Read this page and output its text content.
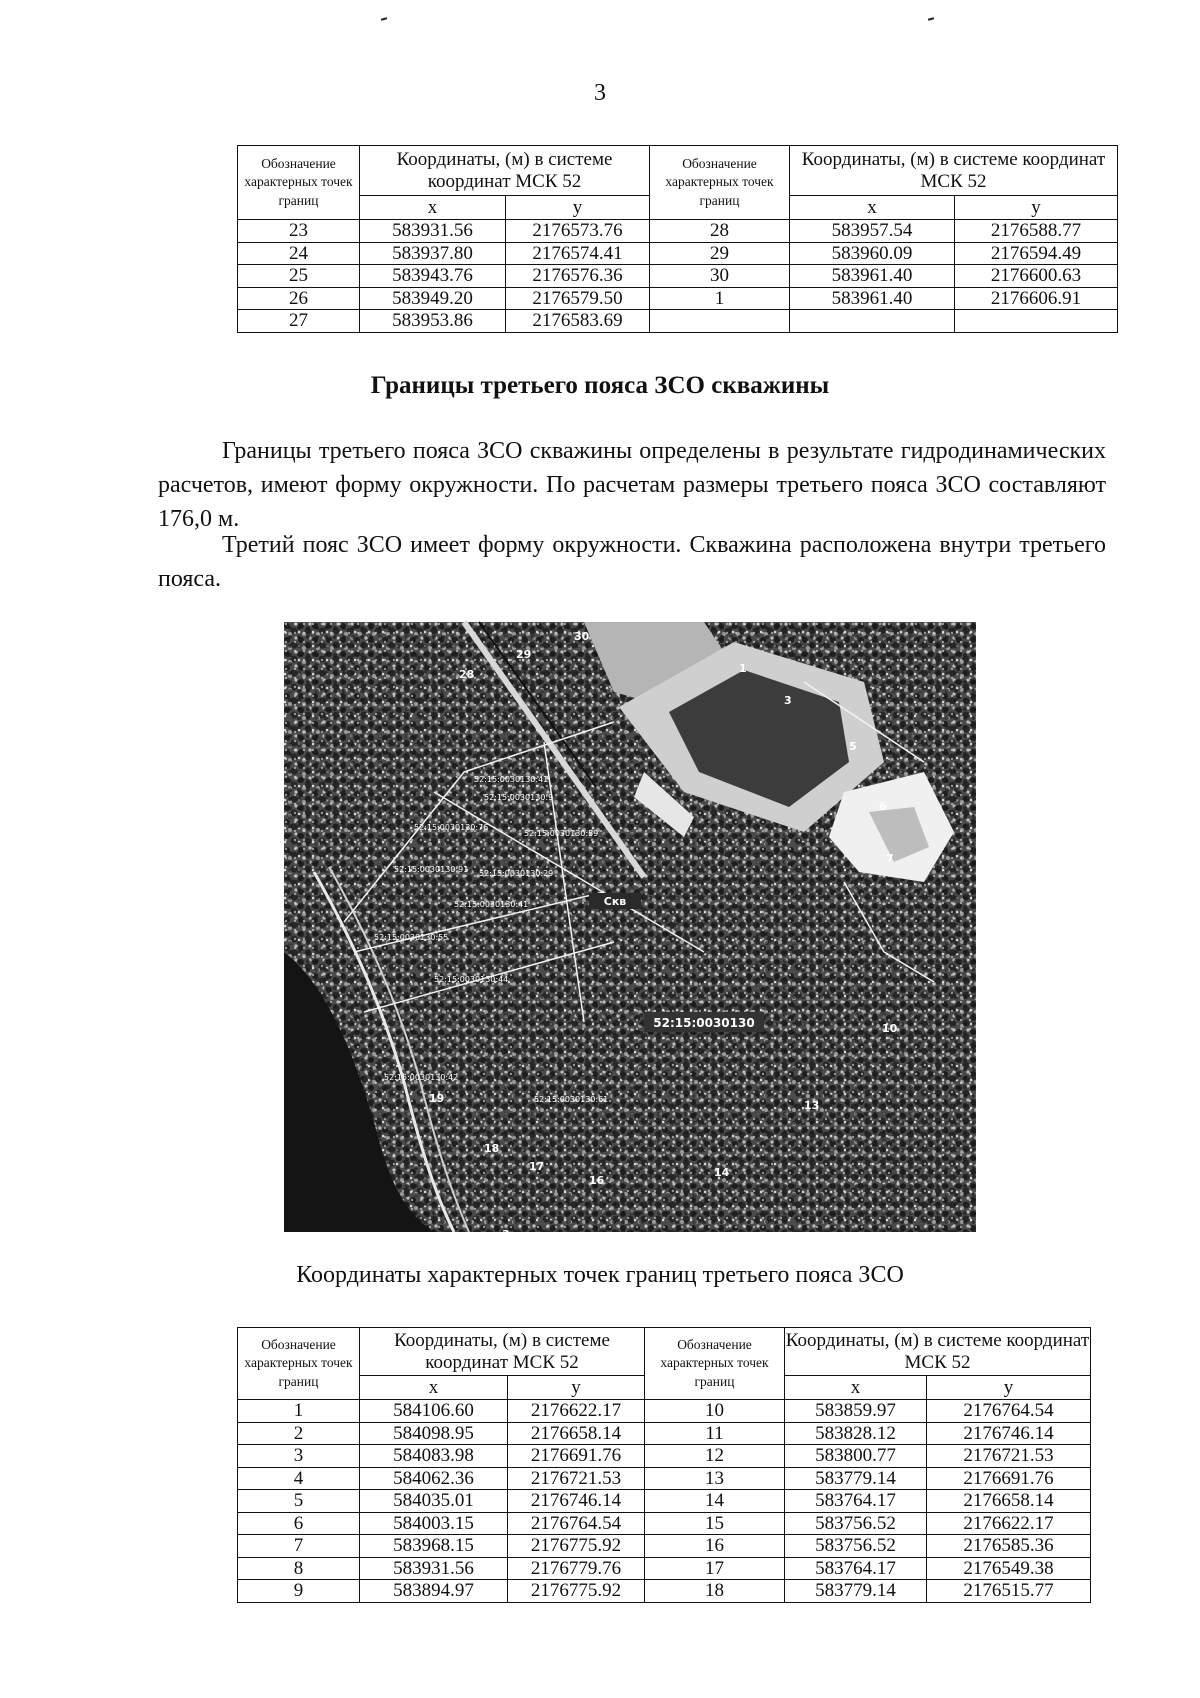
3
Обозначение характерных точек границ	Координаты, (м) в системе координат МСК 52		Обозначение характерных точек границ	Координаты, (м) в системе координат МСК 52	
	x	y		x	y
23	583931.56	2176573.76	28	583957.54	2176588.77
24	583937.80	2176574.41	29	583960.09	2176594.49
25	583943.76	2176576.36	30	583961.40	2176600.63
26	583949.20	2176579.50	1	583961.40	2176606.91
27	583953.86	2176583.69			
Границы третьего пояса ЗСО скважины
Границы третьего пояса ЗСО скважины определены в результате гидродинамических расчетов, имеют форму окружности. По расчетам размеры третьего пояса ЗСО составляют 176,0 м.
Третий пояс ЗСО имеет форму окружности. Скважина расположена внутри третьего пояса.
52:15:0030130:41
52:15:0030130:9
52:15:0030130:76
52:15:0030130:59
52:15:0030130:91 52:15:0030130:29
52:15:0030130:41
52:15:0030130:55
52:15:0030130:44
52:15:0030130:42
52:15:0030130:61
30
29
28	1
3
5
6
7
10
13
14
16
17
18
19
3
Скв
52:15:0030130
Координаты характерных точек границ третьего пояса ЗСО
Обозначение характерных точек границ	Координаты, (м) в системе координат МСК 52		Обозначение характерных точек границ	Координаты, (м) в системе координат МСК 52	
	x	y		x	y
1	584106.60	2176622.17	10	583859.97	2176764.54
2	584098.95	2176658.14	11	583828.12	2176746.14
3	584083.98	2176691.76	12	583800.77	2176721.53
4	584062.36	2176721.53	13	583779.14	2176691.76
5	584035.01	2176746.14	14	583764.17	2176658.14
6	584003.15	2176764.54	15	583756.52	2176622.17
7	583968.15	2176775.92	16	583756.52	2176585.36
8	583931.56	2176779.76	17	583764.17	2176549.38
9	583894.97	2176775.92	18	583779.14	2176515.77
